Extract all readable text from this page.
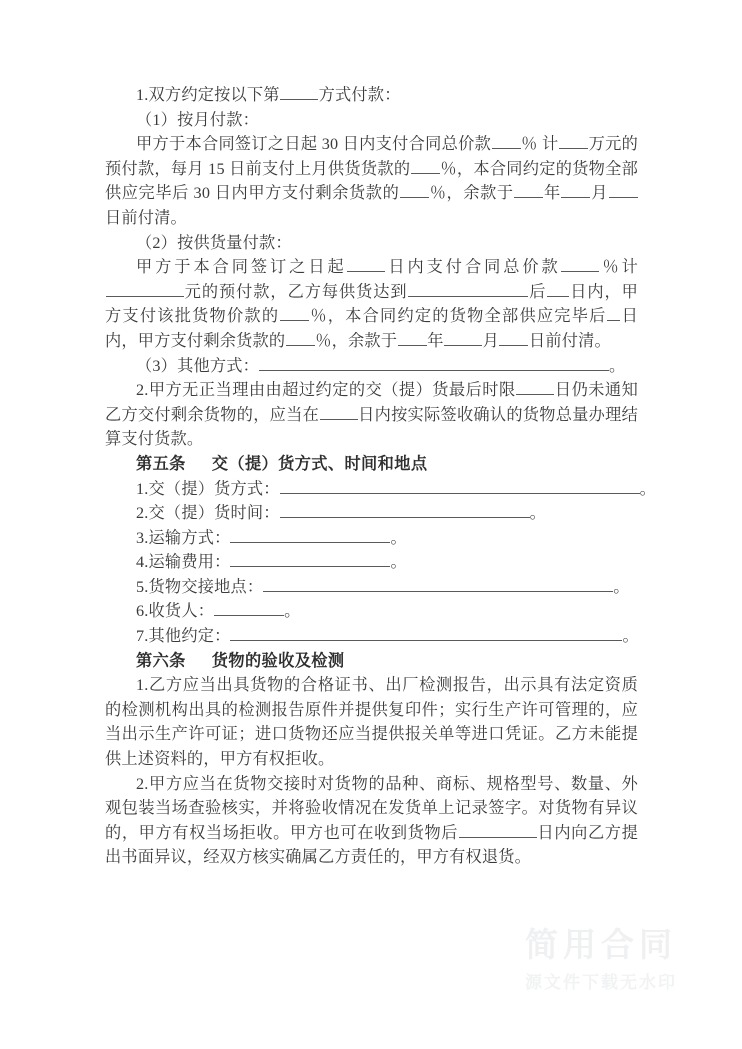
1.双方约定按以下第 方式付款：

（1）按月付款：

甲方于本合同签订之日起 30 日内支付合同总价款 ％ 计 万元的预付款，每月 15 日前支付上月供货货款的 ％，本合同约定的货物全部供应完毕后 30 日内甲方支付剩余货款的 ％，余款于 年 月日前付清。

（2）按供货量付款：

甲方于本合同签订之日起 日内支付合同总价款 ％计元的预付款，乙方每供货达到	后 日内，甲方支付该批货物价款的 ％，本合同约定的货物全部供应完毕后 日内，甲方支付剩余货款的 ％，余款于 年 月 日前付清。

（3）其他方式：	。

2.甲方无正当理由由超过约定的交（提）货最后时限 日仍未通知乙方交付剩余货物的，应当在 日内按实际签收确认的货物总量办理结算支付货款。

第五条 交（提）货方式、时间和地点

1.交（提）货方式：	。

2.交（提）货时间：	。

3.运输方式：	。

4.运输费用：	。

5.货物交接地点：	。

6.收货人：	。

7.其他约定：	。

第六条 货物的验收及检测

1.乙方应当出具货物的合格证书、出厂检测报告，出示具有法定资质的检测机构出具的检测报告原件并提供复印件；实行生产许可管理的，应当出示生产许可证；进口货物还应当提供报关单等进口凭证。乙方未能提供上述资料的，甲方有权拒收。

2.甲方应当在货物交接时对货物的品种、商标、规格型号、数量、外观包装当场查验核实，并将验收情况在发货单上记录签字。对货物有异议的，甲方有权当场拒收。甲方也可在收到货物后	日内向乙方提出书面异议，经双方核实确属乙方责任的，甲方有权退货。

简用合同
源文件下载无水印
